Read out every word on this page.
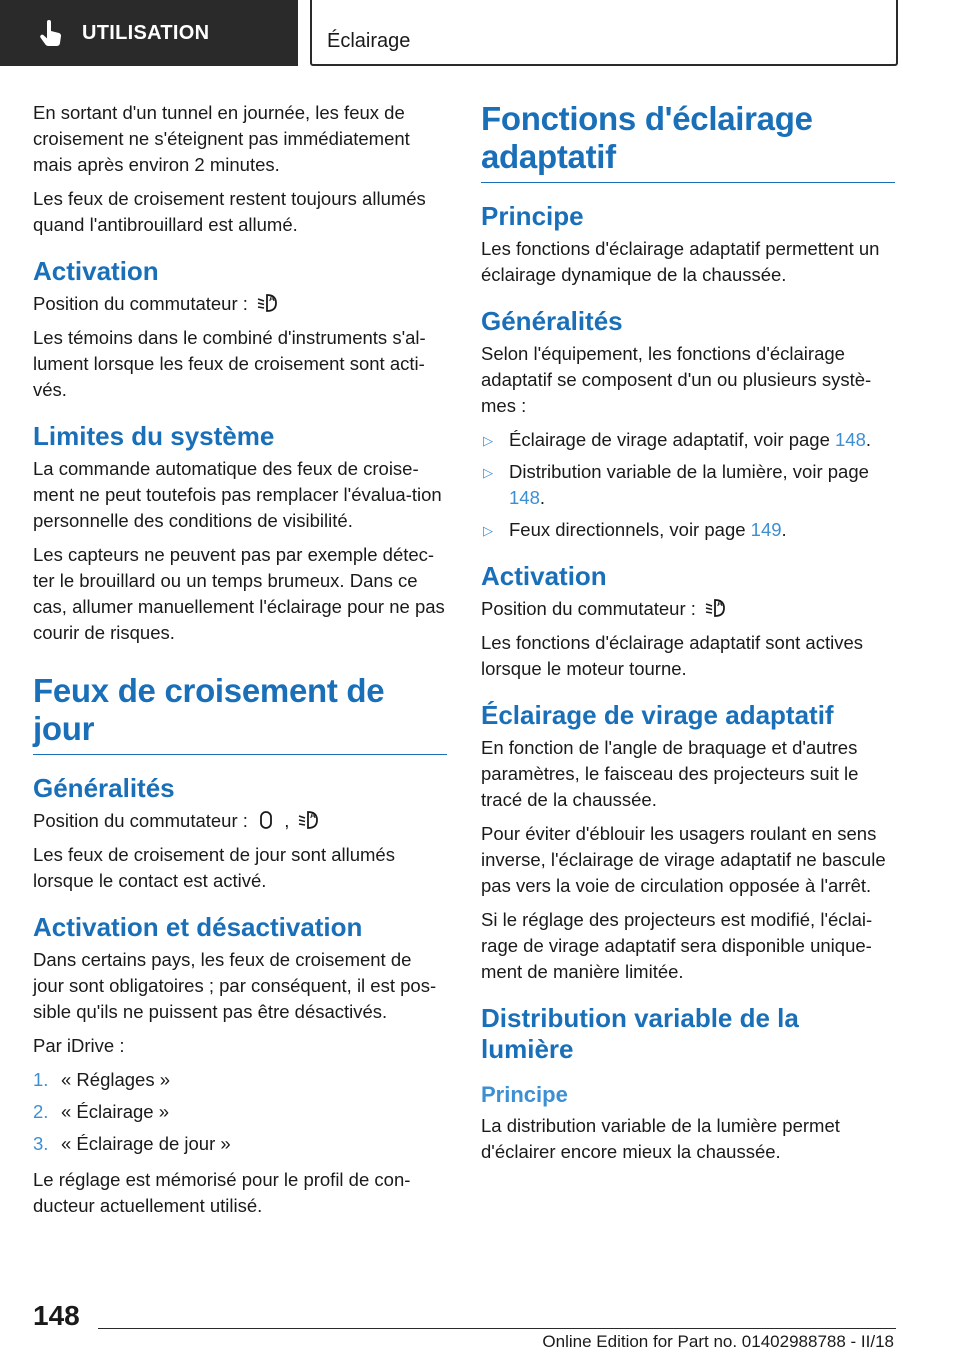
UTILISATION	Éclairage

En sortant d'un tunnel en journée, les feux de croisement ne s'éteignent pas immédiatement mais après environ 2 minutes.

Les feux de croisement restent toujours allumés quand l'antibrouillard est allumé.

Activation

Position du commutateur :	A

Les témoins dans le combiné d'instruments s'al-lument lorsque les feux de croisement sont acti-vés.

Limites du système

La commande automatique des feux de croise-ment ne peut toutefois pas remplacer l'évalua-tion personnelle des conditions de visibilité.

Les capteurs ne peuvent pas par exemple détec-ter le brouillard ou un temps brumeux. Dans ce cas, allumer manuellement l'éclairage pour ne pas courir de risques.

Feux de croisement de jour
Généralités

Position du commutateur : ,	A

Les feux de croisement de jour sont allumés lorsque le contact est activé.

Activation et désactivation

Dans certains pays, les feux de croisement de jour sont obligatoires ; par conséquent, il est pos-sible qu'ils ne puissent pas être désactivés.

Par iDrive :

1. « Réglages »
2. « Éclairage »
3. « Éclairage de jour »

Le réglage est mémorisé pour le profil de con-ducteur actuellement utilisé.

Fonctions d'éclairage adaptatif
Principe

Les fonctions d'éclairage adaptatif permettent un éclairage dynamique de la chaussée.

Généralités

Selon l'équipement, les fonctions d'éclairage adaptatif se composent d'un ou plusieurs systè-mes :

▷ Éclairage de virage adaptatif, voir page 148.
▷ Distribution variable de la lumière, voir page 148.
▷ Feux directionnels, voir page 149.
Activation

Position du commutateur :	A

Les fonctions d'éclairage adaptatif sont actives lorsque le moteur tourne.

Éclairage de virage adaptatif

En fonction de l'angle de braquage et d'autres paramètres, le faisceau des projecteurs suit le tracé de la chaussée.

Pour éviter d'éblouir les usagers roulant en sens inverse, l'éclairage de virage adaptatif ne bascule pas vers la voie de circulation opposée à l'arrêt.

Si le réglage des projecteurs est modifié, l'éclai-rage de virage adaptatif sera disponible unique-ment de manière limitée.

Distribution variable de la lumière
Principe

La distribution variable de la lumière permet d'éclairer encore mieux la chaussée.

148
Online Edition for Part no. 01402988788 - II/18
